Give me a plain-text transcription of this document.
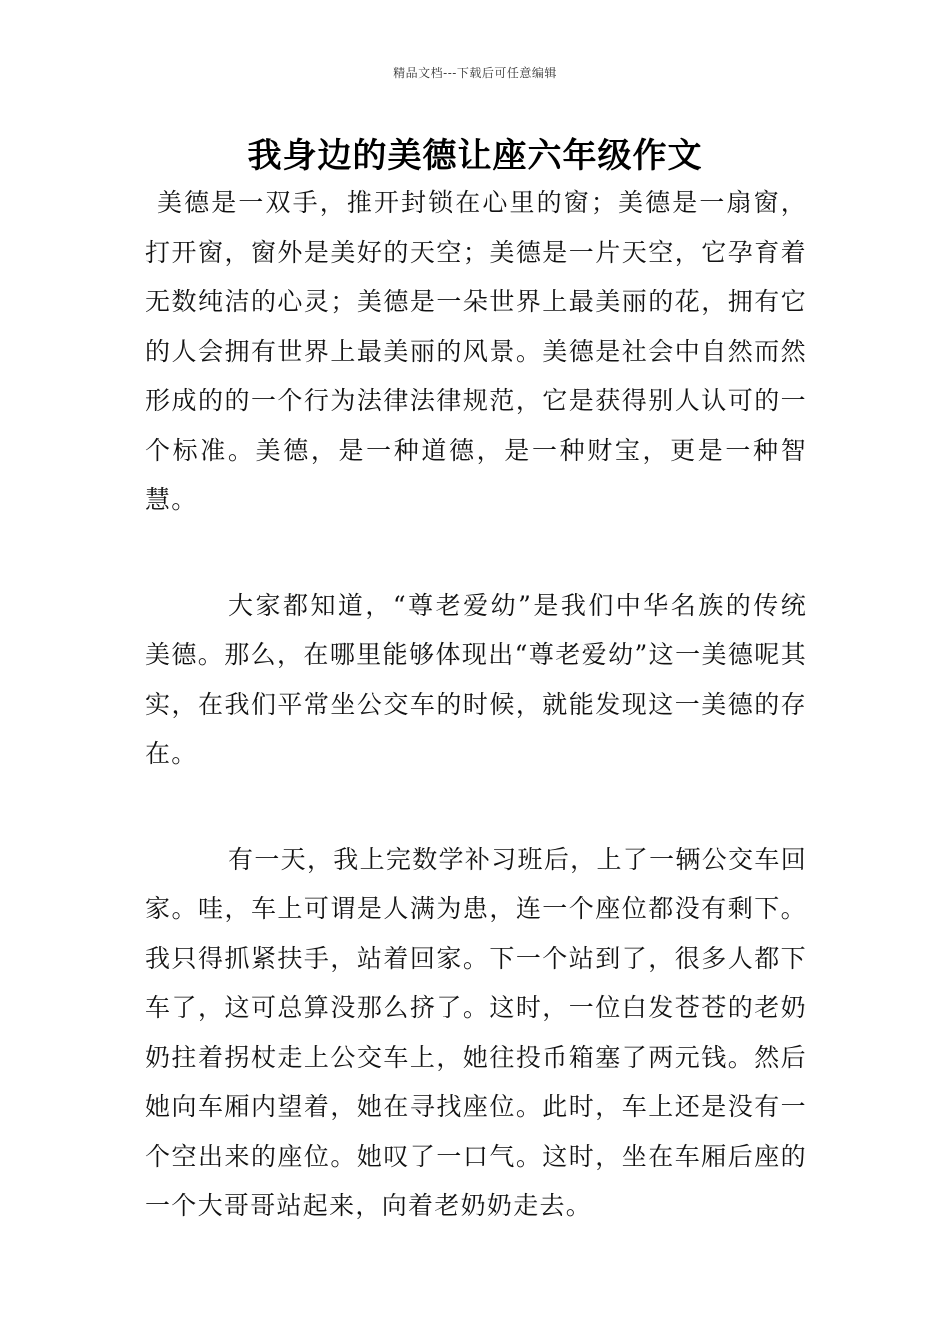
精品文档---下载后可任意编辑
我身边的美德让座六年级作文

美德是一双手，推开封锁在心里的窗；美德是一扇窗，打开窗，窗外是美好的天空；美德是一片天空，它孕育着无数纯洁的心灵；美德是一朵世界上最美丽的花，拥有它的人会拥有世界上最美丽的风景。美德是社会中自然而然形成的的一个行为法律法律规范，它是获得别人认可的一个标准。美德，是一种道德，是一种财宝，更是一种智慧。

大家都知道，“尊老爱幼”是我们中华名族的传统美德。那么，在哪里能够体现出“尊老爱幼”这一美德呢其实，在我们平常坐公交车的时候，就能发现这一美德的存在。

有一天，我上完数学补习班后，上了一辆公交车回家。哇，车上可谓是人满为患，连一个座位都没有剩下。我只得抓紧扶手，站着回家。下一个站到了，很多人都下车了，这可总算没那么挤了。这时，一位白发苍苍的老奶奶拄着拐杖走上公交车上，她往投币箱塞了两元钱。然后她向车厢内望着，她在寻找座位。此时，车上还是没有一个空出来的座位。她叹了一口气。这时，坐在车厢后座的一个大哥哥站起来，向着老奶奶走去。
